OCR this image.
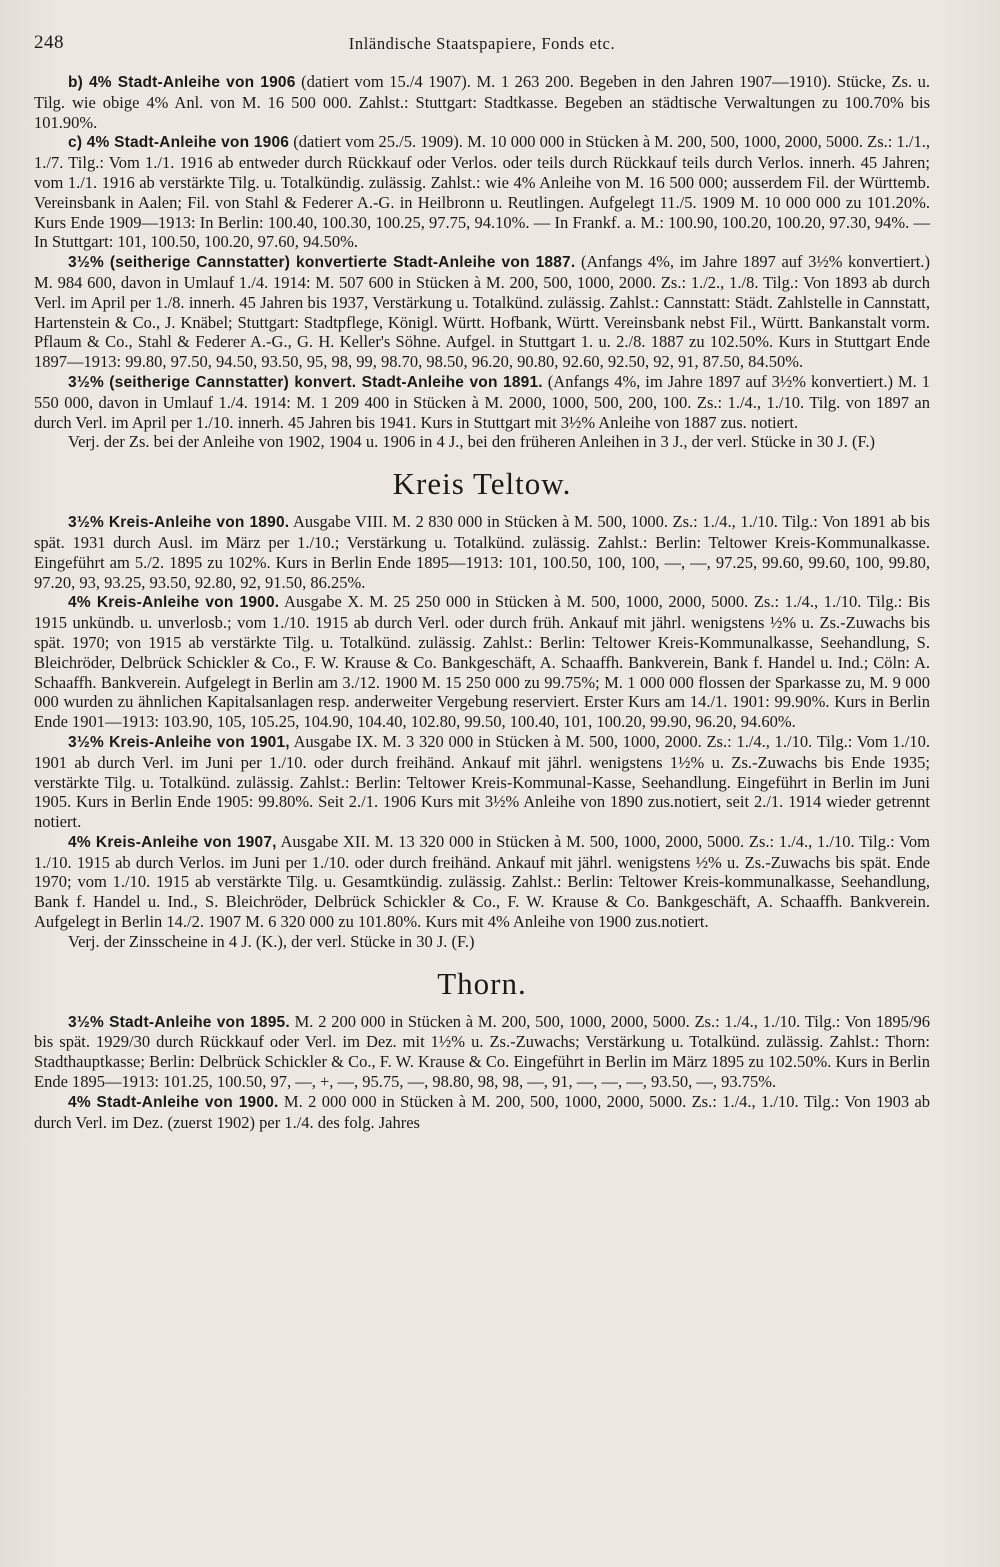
248	Inländische Staatspapiere, Fonds etc.

b) 4% Stadt-Anleihe von 1906 (datiert vom 15./4 1907). M. 1 263 200. Begeben in den Jahren 1907—1910). Stücke, Zs. u. Tilg. wie obige 4% Anl. von M. 16 500 000. Zahlst.: Stuttgart: Stadtkasse. Begeben an städtische Verwaltungen zu 100.70% bis 101.90%.

c) 4% Stadt-Anleihe von 1906 (datiert vom 25./5. 1909). M. 10 000 000 in Stücken à M. 200, 500, 1000, 2000, 5000. Zs.: 1./1., 1./7. Tilg.: Vom 1./1. 1916 ab entweder durch Rückkauf oder Verlos. oder teils durch Rückkauf teils durch Verlos. innerh. 45 Jahren; vom 1./1. 1916 ab verstärkte Tilg. u. Totalkündig. zulässig. Zahlst.: wie 4% Anleihe von M. 16 500 000; ausserdem Fil. der Württemb. Vereinsbank in Aalen; Fil. von Stahl & Federer A.-G. in Heilbronn u. Reutlingen. Aufgelegt 11./5. 1909 M. 10 000 000 zu 101.20%. Kurs Ende 1909—1913: In Berlin: 100.40, 100.30, 100.25, 97.75, 94.10%. — In Frankf. a. M.: 100.90, 100.20, 100.20, 97.30, 94%. — In Stuttgart: 101, 100.50, 100.20, 97.60, 94.50%.

3½% (seitherige Cannstatter) konvertierte Stadt-Anleihe von 1887. (Anfangs 4%, im Jahre 1897 auf 3½% konvertiert.) M. 984 600, davon in Umlauf 1./4. 1914: M. 507 600 in Stücken à M. 200, 500, 1000, 2000. Zs.: 1./2., 1./8. Tilg.: Von 1893 ab durch Verl. im April per 1./8. innerh. 45 Jahren bis 1937, Verstärkung u. Totalkünd. zulässig. Zahlst.: Cannstatt: Städt. Zahlstelle in Cannstatt, Hartenstein & Co., J. Knäbel; Stuttgart: Stadtpflege, Königl. Württ. Hofbank, Württ. Vereinsbank nebst Fil., Württ. Bankanstalt vorm. Pflaum & Co., Stahl & Federer A.-G., G. H. Keller's Söhne. Aufgel. in Stuttgart 1. u. 2./8. 1887 zu 102.50%. Kurs in Stuttgart Ende 1897—1913: 99.80, 97.50, 94.50, 93.50, 95, 98, 99, 98.70, 98.50, 96.20, 90.80, 92.60, 92.50, 92, 91, 87.50, 84.50%.

3½% (seitherige Cannstatter) konvert. Stadt-Anleihe von 1891. (Anfangs 4%, im Jahre 1897 auf 3½% konvertiert.) M. 1 550 000, davon in Umlauf 1./4. 1914: M. 1 209 400 in Stücken à M. 2000, 1000, 500, 200, 100. Zs.: 1./4., 1./10. Tilg. von 1897 an durch Verl. im April per 1./10. innerh. 45 Jahren bis 1941. Kurs in Stuttgart mit 3½% Anleihe von 1887 zus. notiert.

Verj. der Zs. bei der Anleihe von 1902, 1904 u. 1906 in 4 J., bei den früheren Anleihen in 3 J., der verl. Stücke in 30 J. (F.)

Kreis Teltow.

3½% Kreis-Anleihe von 1890. Ausgabe VIII. M. 2 830 000 in Stücken à M. 500, 1000. Zs.: 1./4., 1./10. Tilg.: Von 1891 ab bis spät. 1931 durch Ausl. im März per 1./10.; Verstärkung u. Totalkünd. zulässig. Zahlst.: Berlin: Teltower Kreis-Kommunalkasse. Eingeführt am 5./2. 1895 zu 102%. Kurs in Berlin Ende 1895—1913: 101, 100.50, 100, 100, —, —, 97.25, 99.60, 99.60, 100, 99.80, 97.20, 93, 93.25, 93.50, 92.80, 92, 91.50, 86.25%.

4% Kreis-Anleihe von 1900. Ausgabe X. M. 25 250 000 in Stücken à M. 500, 1000, 2000, 5000. Zs.: 1./4., 1./10. Tilg.: Bis 1915 unkündb. u. unverlosb.; vom 1./10. 1915 ab durch Verl. oder durch früh. Ankauf mit jährl. wenigstens ½% u. Zs.-Zuwachs bis spät. 1970; von 1915 ab verstärkte Tilg. u. Totalkünd. zulässig. Zahlst.: Berlin: Teltower Kreis-Kommunalkasse, Seehandlung, S. Bleichröder, Delbrück Schickler & Co., F. W. Krause & Co. Bankgeschäft, A. Schaaffh. Bankverein, Bank f. Handel u. Ind.; Cöln: A. Schaaffh. Bankverein. Aufgelegt in Berlin am 3./12. 1900 M. 15 250 000 zu 99.75%; M. 1 000 000 flossen der Sparkasse zu, M. 9 000 000 wurden zu ähnlichen Kapitalsanlagen resp. anderweiter Vergebung reserviert. Erster Kurs am 14./1. 1901: 99.90%. Kurs in Berlin Ende 1901—1913: 103.90, 105, 105.25, 104.90, 104.40, 102.80, 99.50, 100.40, 101, 100.20, 99.90, 96.20, 94.60%.

3½% Kreis-Anleihe von 1901, Ausgabe IX. M. 3 320 000 in Stücken à M. 500, 1000, 2000. Zs.: 1./4., 1./10. Tilg.: Vom 1./10. 1901 ab durch Verl. im Juni per 1./10. oder durch freihänd. Ankauf mit jährl. wenigstens 1½% u. Zs.-Zuwachs bis Ende 1935; verstärkte Tilg. u. Totalkünd. zulässig. Zahlst.: Berlin: Teltower Kreis-Kommunal-Kasse, Seehandlung. Eingeführt in Berlin im Juni 1905. Kurs in Berlin Ende 1905: 99.80%. Seit 2./1. 1906 Kurs mit 3½% Anleihe von 1890 zus.notiert, seit 2./1. 1914 wieder getrennt notiert.

4% Kreis-Anleihe von 1907, Ausgabe XII. M. 13 320 000 in Stücken à M. 500, 1000, 2000, 5000. Zs.: 1./4., 1./10. Tilg.: Vom 1./10. 1915 ab durch Verlos. im Juni per 1./10. oder durch freihänd. Ankauf mit jährl. wenigstens ½% u. Zs.-Zuwachs bis spät. Ende 1970; vom 1./10. 1915 ab verstärkte Tilg. u. Gesamtkündig. zulässig. Zahlst.: Berlin: Teltower Kreis-kommunalkasse, Seehandlung, Bank f. Handel u. Ind., S. Bleichröder, Delbrück Schickler & Co., F. W. Krause & Co. Bankgeschäft, A. Schaaffh. Bankverein. Aufgelegt in Berlin 14./2. 1907 M. 6 320 000 zu 101.80%. Kurs mit 4% Anleihe von 1900 zus.notiert.

Verj. der Zinsscheine in 4 J. (K.), der verl. Stücke in 30 J. (F.)

Thorn.

3½% Stadt-Anleihe von 1895. M. 2 200 000 in Stücken à M. 200, 500, 1000, 2000, 5000. Zs.: 1./4., 1./10. Tilg.: Von 1895/96 bis spät. 1929/30 durch Rückkauf oder Verl. im Dez. mit 1½% u. Zs.-Zuwachs; Verstärkung u. Totalkünd. zulässig. Zahlst.: Thorn: Stadthauptkasse; Berlin: Delbrück Schickler & Co., F. W. Krause & Co. Eingeführt in Berlin im März 1895 zu 102.50%. Kurs in Berlin Ende 1895—1913: 101.25, 100.50, 97, —, +, —, 95.75, —, 98.80, 98, 98, —, 91, —, —, —, 93.50, —, 93.75%.

4% Stadt-Anleihe von 1900. M. 2 000 000 in Stücken à M. 200, 500, 1000, 2000, 5000. Zs.: 1./4., 1./10. Tilg.: Von 1903 ab durch Verl. im Dez. (zuerst 1902) per 1./4. des folg. Jahres
